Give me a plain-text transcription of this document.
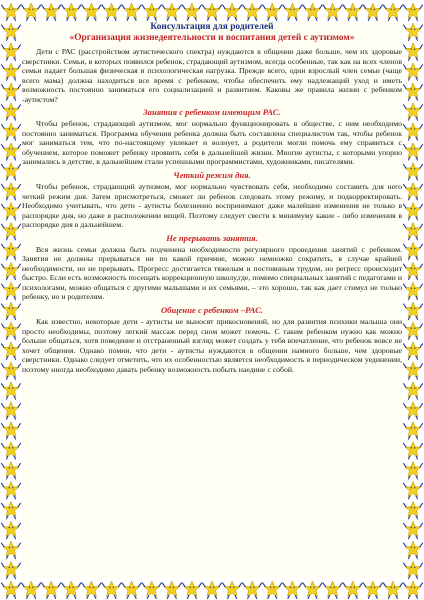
Консультация для родителей
«Организация жизнедеятельности и воспитания детей с аутизмом»

Дети с РАС (расстройством аутистического спектра) нуждаются в общении даже больше, чем их здоровые сверстники. Семьи, в которых появился ребенок, страдающий аутизмом, всегда особенные, так как на всех членов семьи падает большая физическая и психологическая нагрузка. Прежде всего, один взрослый член семьи (чаще всего мама) должна находиться все время с ребенком, чтобы обеспечить ему надлежащий уход и иметь возможность постоянно заниматься его социализацией и развитием. Каковы же правила жизни с ребенком -аутистом?

Занятия с ребенком имеющим РАС.

Чтобы ребенок, страдающий аутизмом, мог нормально функционировать в обществе, с ним необходимо постоянно заниматься. Программа обучения ребенка должна быть составлена специалистом так, чтобы ребенок мог заниматься тем, что по-настоящему увлекает и волнует, а родители могли помочь ему справиться с обучением, которое поможет ребенку проявить себя в дальнейшей жизни. Многие аутисты, с которыми упорно занимались в детстве, в дальнейшем стали успешными программистами, художниками, писателями.

Четкий режим дня.

Чтобы ребенок, страдающий аутизмом, мог нормально чувствовать себя, необходимо составить для него четкий режим дня. Затем присмотреться, сможет ли ребенок следовать этому режиму, и подкорректировать. Необходимо учитывать, что дети - аутисты болезненно воспринимают даже малейшие изменения не только в распорядке дня, но даже в расположении вещей. Поэтому следует свести к минимуму какие - либо изменения в распорядке дня в дальнейшем.

Не прерывать занятия.

Вся жизнь семьи должна быть подчинена необходимости регулярного проведения занятий с ребенком. Занятия не должны прерываться ни по какой причине, можно немножко сократить, в случае крайней необходимости, но не прерывать. Прогресс достигается тяжелым и постоянным трудом, но регресс происходит быстро. Если есть возможность посещать коррекционную школу,где, помимо специальных занятий с педагогами и психологами, можно общаться с другими малышами и их семьями, – это хорошо, так как дает стимул не только ребенку, но и родителям.

Общение с ребенком –РАС.

Как известно, некоторые дети - аутисты не выносят прикосновений, но для развития психики малыша они просто необходимы, поэтому легкий массаж перед сном может помочь. С таким ребенком нужно как можно больше общаться, хотя поведение и отстраненный взгляд может создать у тебя впечатление, что ребенок вовсе не хочет общения. Однако помни, что дети - аутисты нуждаются в общении намного больше, чем здоровые сверстники. Однако следует отметить, что их особенностью является необходимость в периодическом уединении, поэтому иногда необходимо давать ребенку возможность побыть наедине с собой.
